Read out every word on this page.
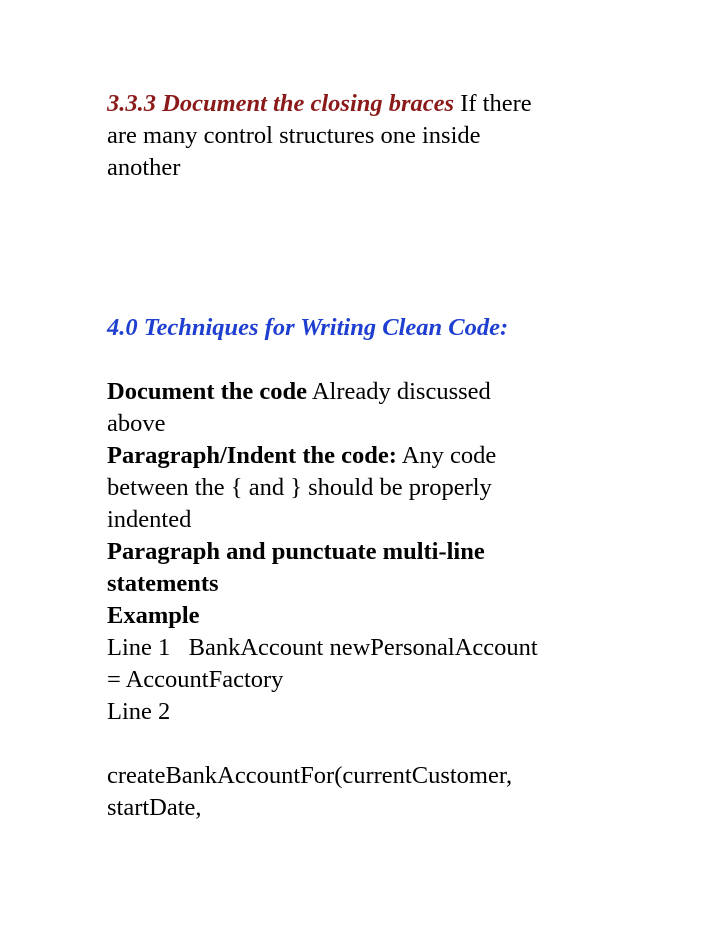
3.3.3 Document the closing braces If there
are many control structures one inside
another
4.0 Techniques for Writing Clean Code:
Document the code Already discussed
above
Paragraph/Indent the code: Any code
between the { and } should be properly
indented
Paragraph and punctuate multi-line
statements
Example
Line 1   BankAccount newPersonalAccount
= AccountFactory
Line 2
createBankAccountFor(currentCustomer,
startDate,
